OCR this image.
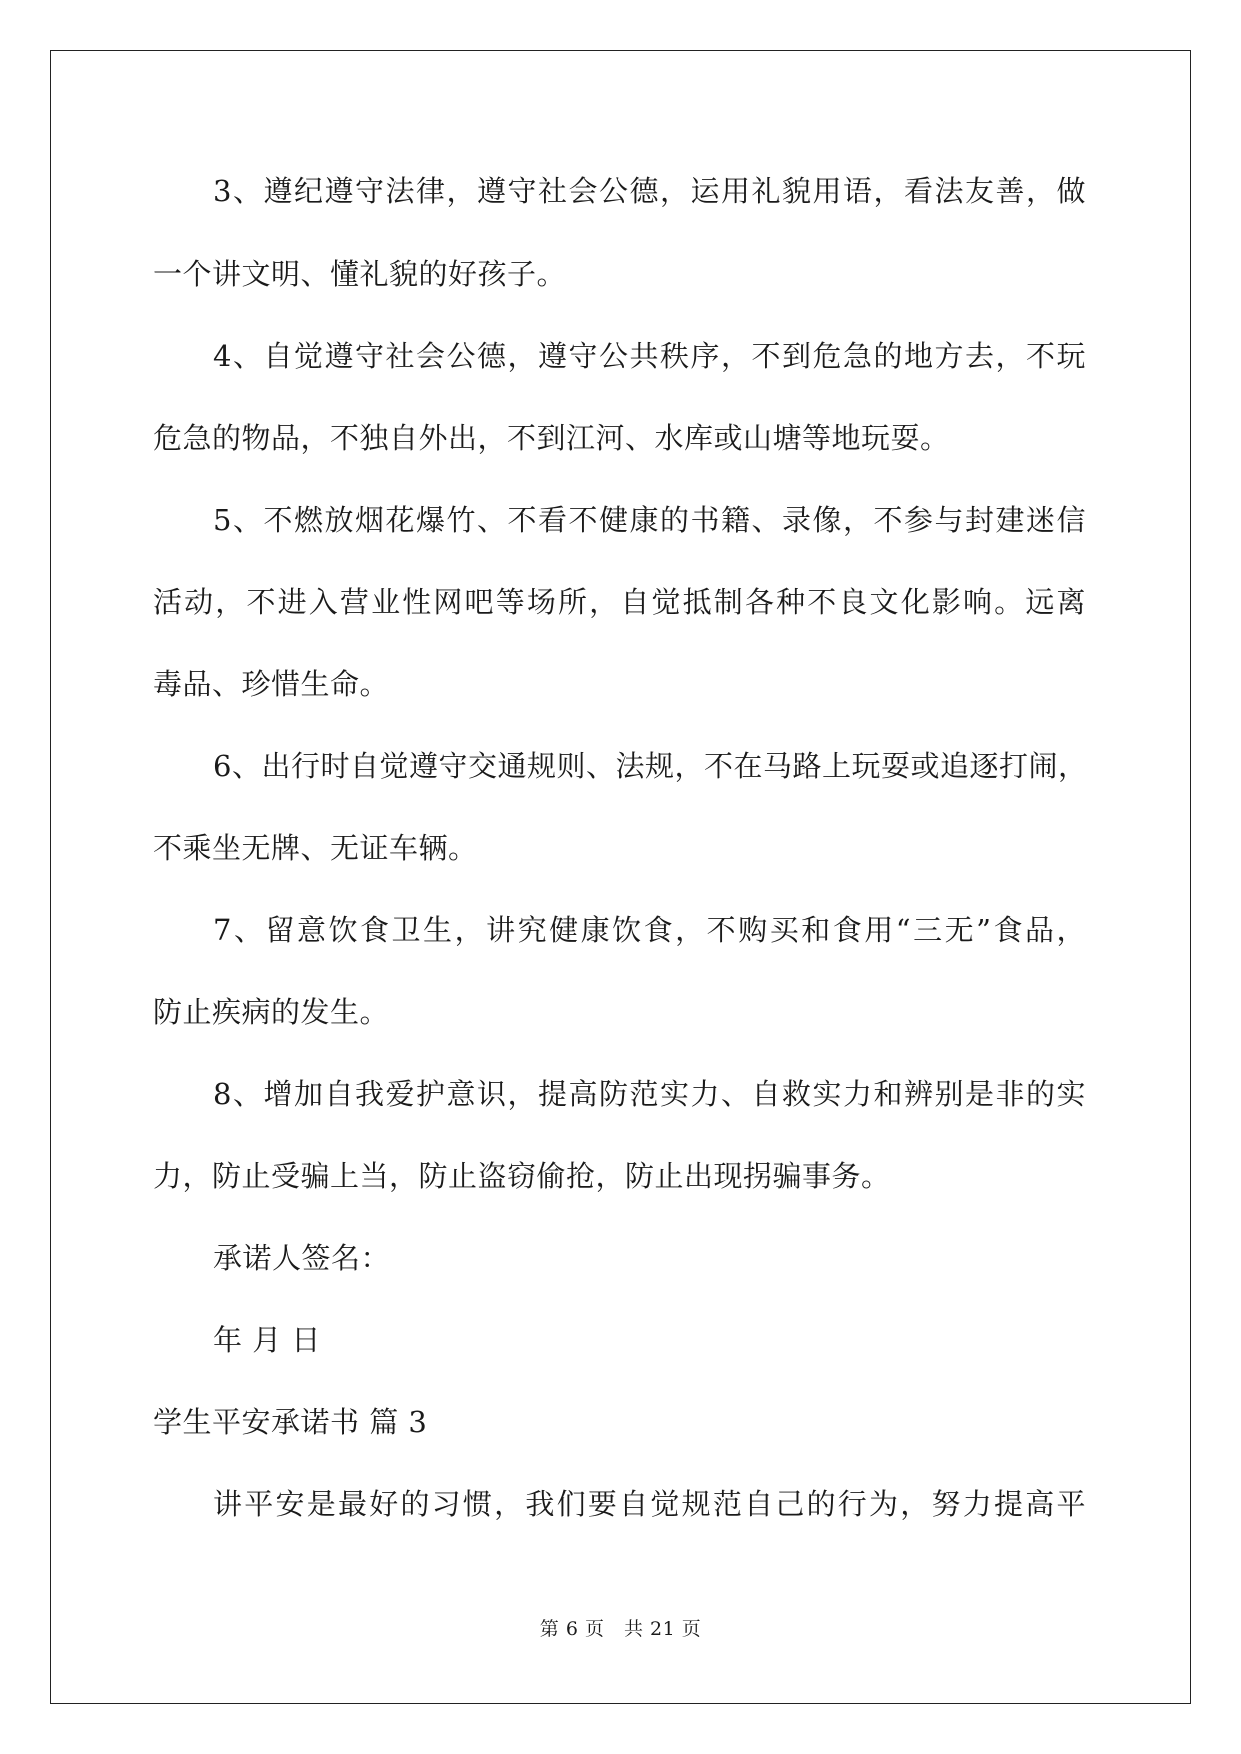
3、遵纪遵守法律，遵守社会公德，运用礼貌用语，看法友善，做
一个讲文明、懂礼貌的好孩子。
4、自觉遵守社会公德，遵守公共秩序，不到危急的地方去，不玩
危急的物品，不独自外出，不到江河、水库或山塘等地玩耍。
5、不燃放烟花爆竹、不看不健康的书籍、录像，不参与封建迷信
活动，不进入营业性网吧等场所，自觉抵制各种不良文化影响。远离
毒品、珍惜生命。
6、出行时自觉遵守交通规则、法规，不在马路上玩耍或追逐打闹，
不乘坐无牌、无证车辆。
7、留意饮食卫生，讲究健康饮食，不购买和食用“三无”食品，
防止疾病的发生。
8、增加自我爱护意识，提高防范实力、自救实力和辨别是非的实
力，防止受骗上当，防止盗窃偷抢，防止出现拐骗事务。
承诺人签名：
年 月 日
学生平安承诺书 篇 3
讲平安是最好的习惯，我们要自觉规范自己的行为，努力提高平
第 6 页　共 21 页
